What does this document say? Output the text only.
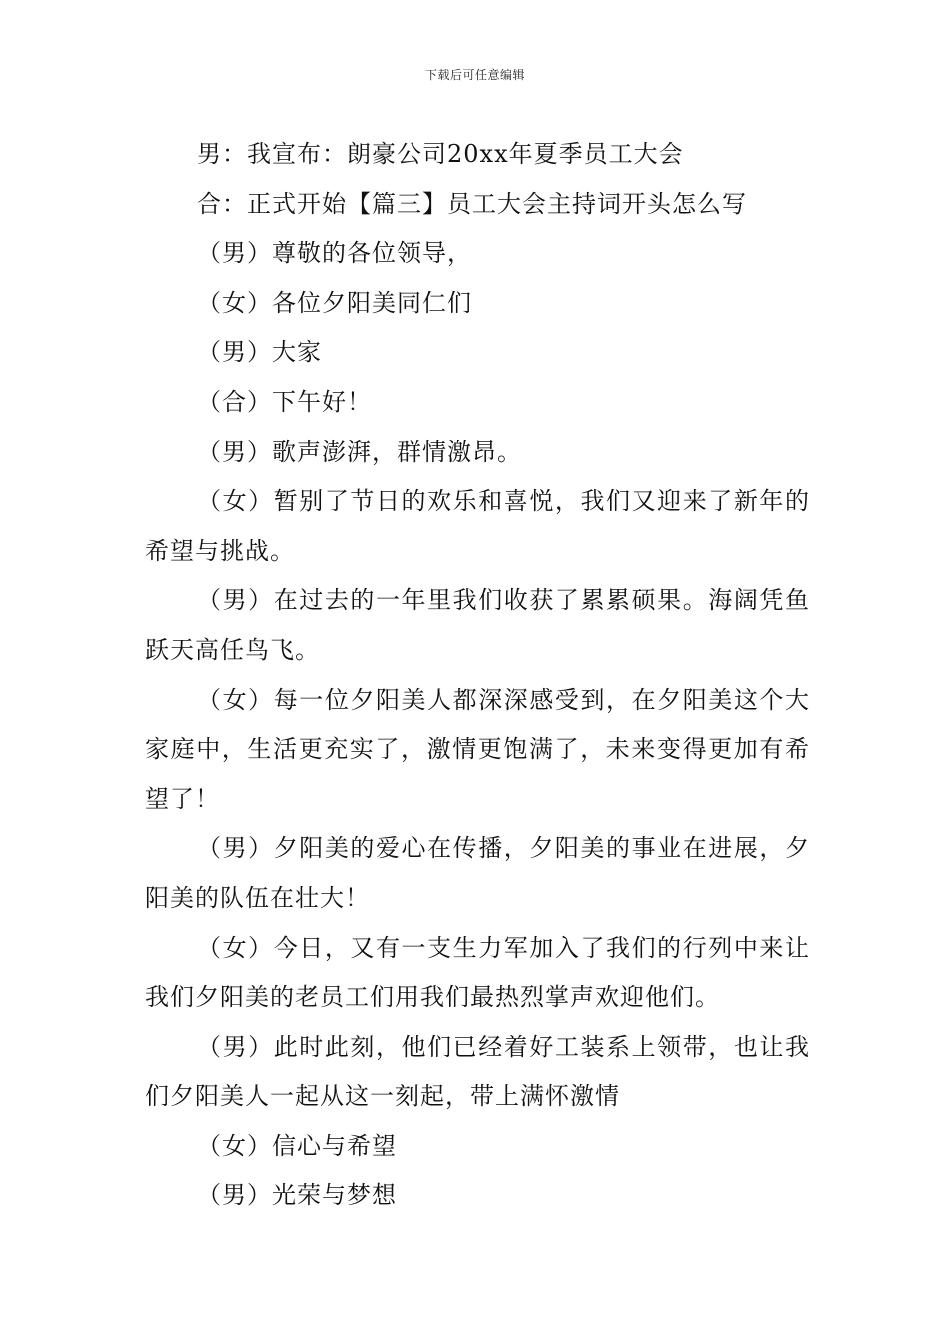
下载后可任意编辑

男：我宣布：朗豪公司20xx年夏季员工大会

合：正式开始【篇三】员工大会主持词开头怎么写

（男）尊敬的各位领导，

（女）各位夕阳美同仁们

（男）大家

（合）下午好！

（男）歌声澎湃，群情激昂。

（女）暂别了节日的欢乐和喜悦，我们又迎来了新年的希望与挑战。

（男）在过去的一年里我们收获了累累硕果。海阔凭鱼跃天高任鸟飞。

（女）每一位夕阳美人都深深感受到，在夕阳美这个大家庭中，生活更充实了，激情更饱满了，未来变得更加有希望了！

（男）夕阳美的爱心在传播，夕阳美的事业在进展，夕阳美的队伍在壮大！

（女）今日，又有一支生力军加入了我们的行列中来让我们夕阳美的老员工们用我们最热烈掌声欢迎他们。

（男）此时此刻，他们已经着好工装系上领带，也让我们夕阳美人一起从这一刻起，带上满怀激情

（女）信心与希望

（男）光荣与梦想
